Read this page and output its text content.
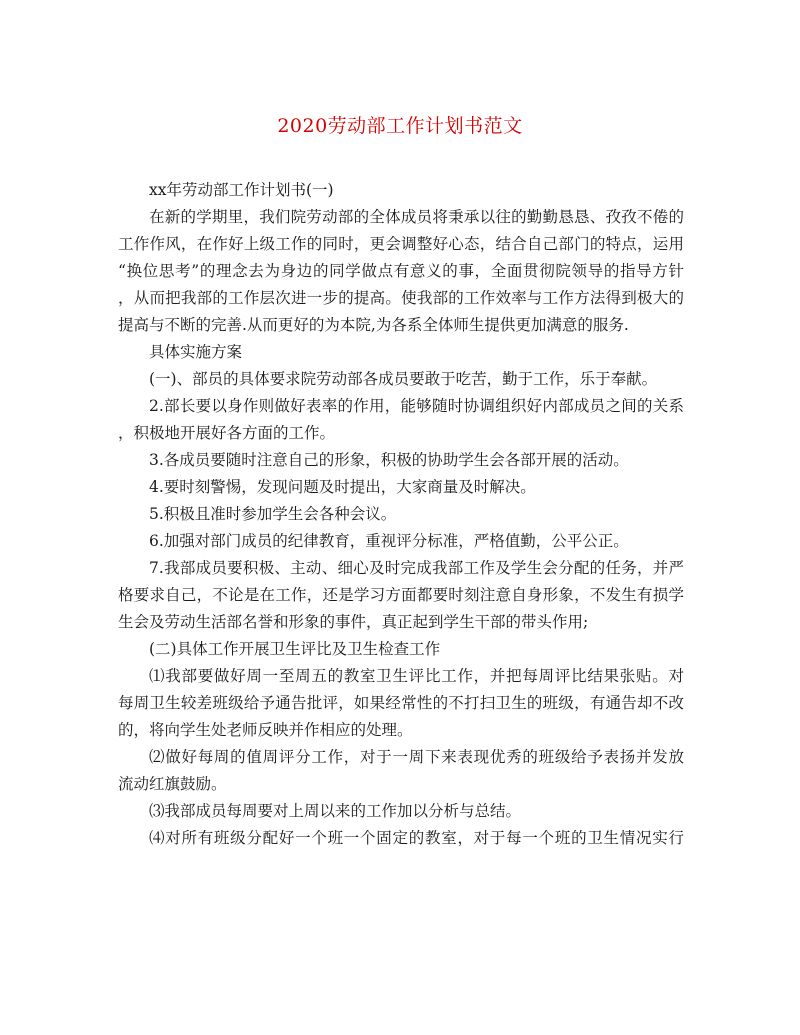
2020劳动部工作计划书范文
xx年劳动部工作计划书(一)
在新的学期里，我们院劳动部的全体成员将秉承以往的勤勤恳恳、孜孜不倦的
工作作风，在作好上级工作的同时，更会调整好心态，结合自己部门的特点，运用
“换位思考”的理念去为身边的同学做点有意义的事，全面贯彻院领导的指导方针
，从而把我部的工作层次进一步的提高。使我部的工作效率与工作方法得到极大的
提高与不断的完善.从而更好的为本院,为各系全体师生提供更加满意的服务.
具体实施方案
(一)、部员的具体要求院劳动部各成员要敢于吃苦，勤于工作，乐于奉献。
2.部长要以身作则做好表率的作用，能够随时协调组织好内部成员之间的关系
，积极地开展好各方面的工作。
3.各成员要随时注意自己的形象，积极的协助学生会各部开展的活动。
4.要时刻警惕，发现问题及时提出，大家商量及时解决。
5.积极且准时参加学生会各种会议。
6.加强对部门成员的纪律教育，重视评分标准，严格值勤，公平公正。
7.我部成员要积极、主动、细心及时完成我部工作及学生会分配的任务，并严
格要求自己，不论是在工作，还是学习方面都要时刻注意自身形象，不发生有损学
生会及劳动生活部名誉和形象的事件，真正起到学生干部的带头作用;
(二)具体工作开展卫生评比及卫生检查工作
⑴我部要做好周一至周五的教室卫生评比工作，并把每周评比结果张贴。对
每周卫生较差班级给予通告批评，如果经常性的不打扫卫生的班级，有通告却不改
的，将向学生处老师反映并作相应的处理。
⑵做好每周的值周评分工作，对于一周下来表现优秀的班级给予表扬并发放
流动红旗鼓励。
⑶我部成员每周要对上周以来的工作加以分析与总结。
⑷对所有班级分配好一个班一个固定的教室，对于每一个班的卫生情况实行
